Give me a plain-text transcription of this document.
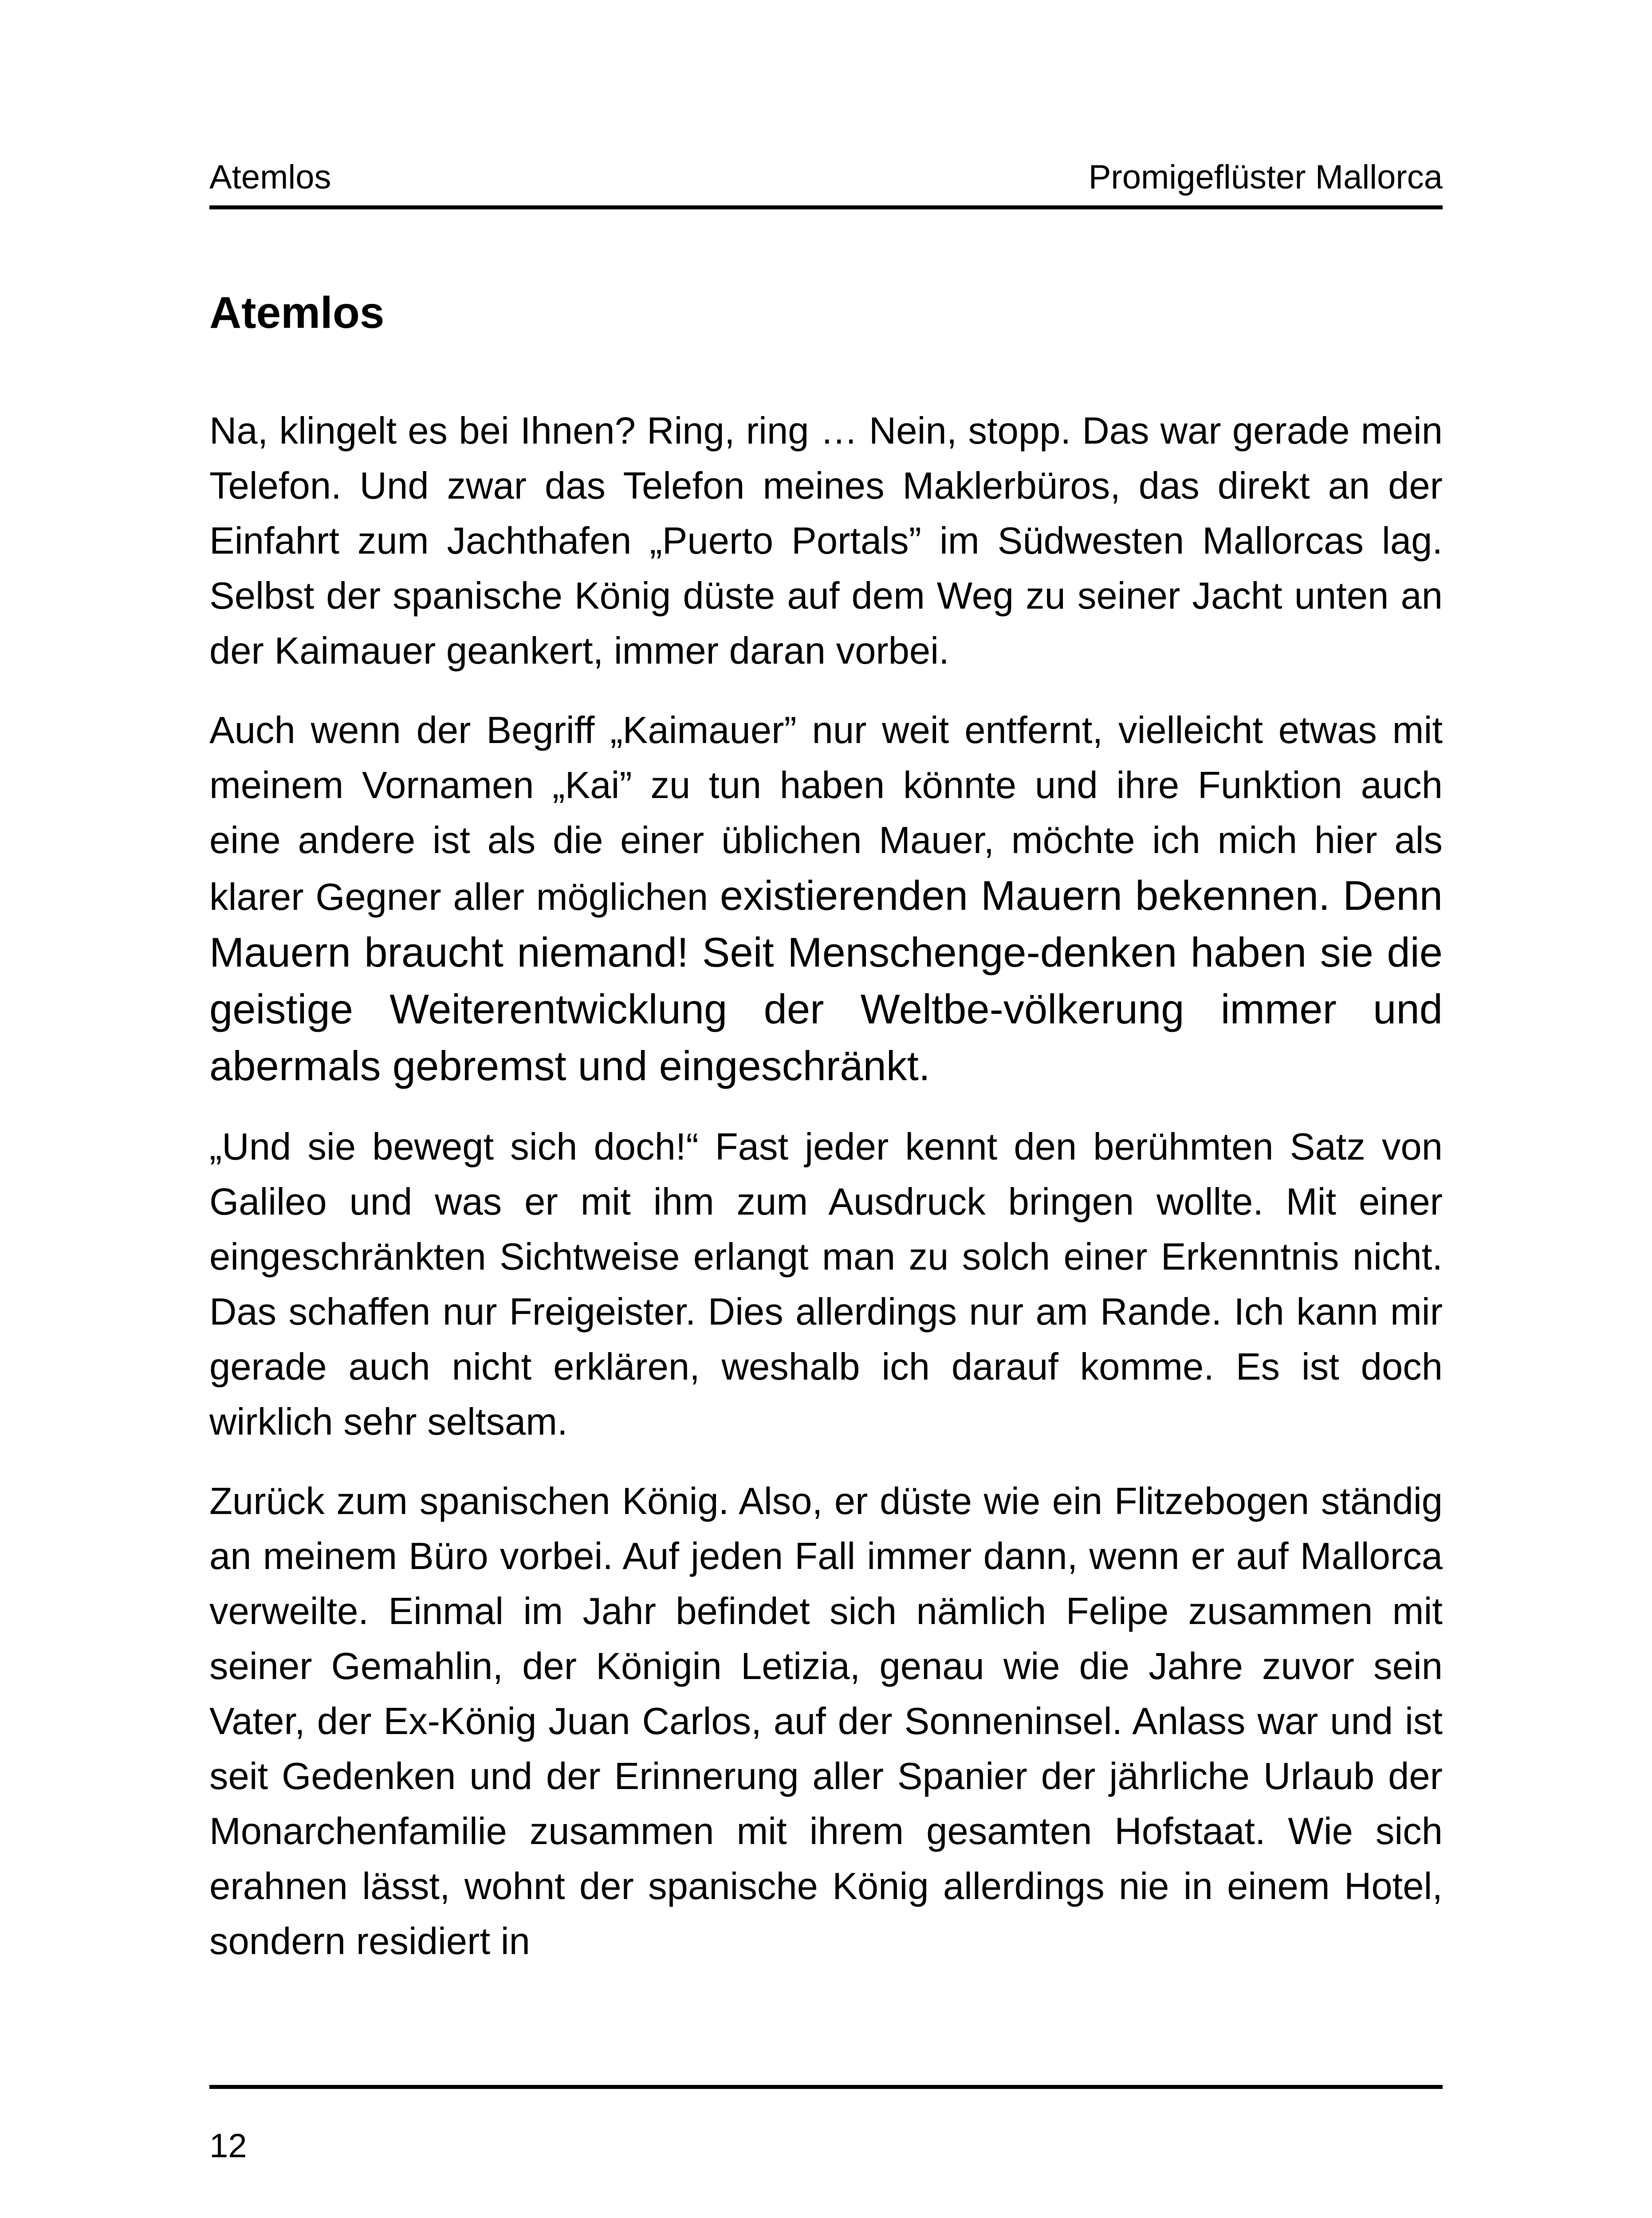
Atemlos	Promigeflüster Mallorca
Atemlos

Na, klingelt es bei Ihnen? Ring, ring … Nein, stopp. Das war gerade mein Telefon. Und zwar das Telefon meines Maklerbüros, das direkt an der Einfahrt zum Jachthafen „Puerto Portals” im Südwesten Mallorcas lag. Selbst der spanische König düste auf dem Weg zu seiner Jacht unten an der Kaimauer geankert, immer daran vorbei.

Auch wenn der Begriff „Kaimauer” nur weit entfernt, vielleicht etwas mit meinem Vornamen „Kai” zu tun haben könnte und ihre Funktion auch eine andere ist als die einer üblichen Mauer, möchte ich mich hier als klarer Gegner aller möglichen existierenden Mauern bekennen. Denn Mauern braucht niemand! Seit Menschenge-denken haben sie die geistige Weiterentwicklung der Weltbe-völkerung immer und abermals gebremst und eingeschränkt.

„Und sie bewegt sich doch!“ Fast jeder kennt den berühmten Satz von Galileo und was er mit ihm zum Ausdruck bringen wollte. Mit einer eingeschränkten Sichtweise erlangt man zu solch einer Erkenntnis nicht. Das schaffen nur Freigeister. Dies allerdings nur am Rande. Ich kann mir gerade auch nicht erklären, weshalb ich darauf komme. Es ist doch wirklich sehr seltsam.

Zurück zum spanischen König. Also, er düste wie ein Flitzebogen ständig an meinem Büro vorbei. Auf jeden Fall immer dann, wenn er auf Mallorca verweilte. Einmal im Jahr befindet sich nämlich Felipe zusammen mit seiner Gemahlin, der Königin Letizia, genau wie die Jahre zuvor sein Vater, der Ex-König Juan Carlos, auf der Sonneninsel. Anlass war und ist seit Gedenken und der Erinnerung aller Spanier der jährliche Urlaub der Monarchenfamilie zusammen mit ihrem gesamten Hofstaat. Wie sich erahnen lässt, wohnt der spanische König allerdings nie in einem Hotel, sondern residiert in

12
